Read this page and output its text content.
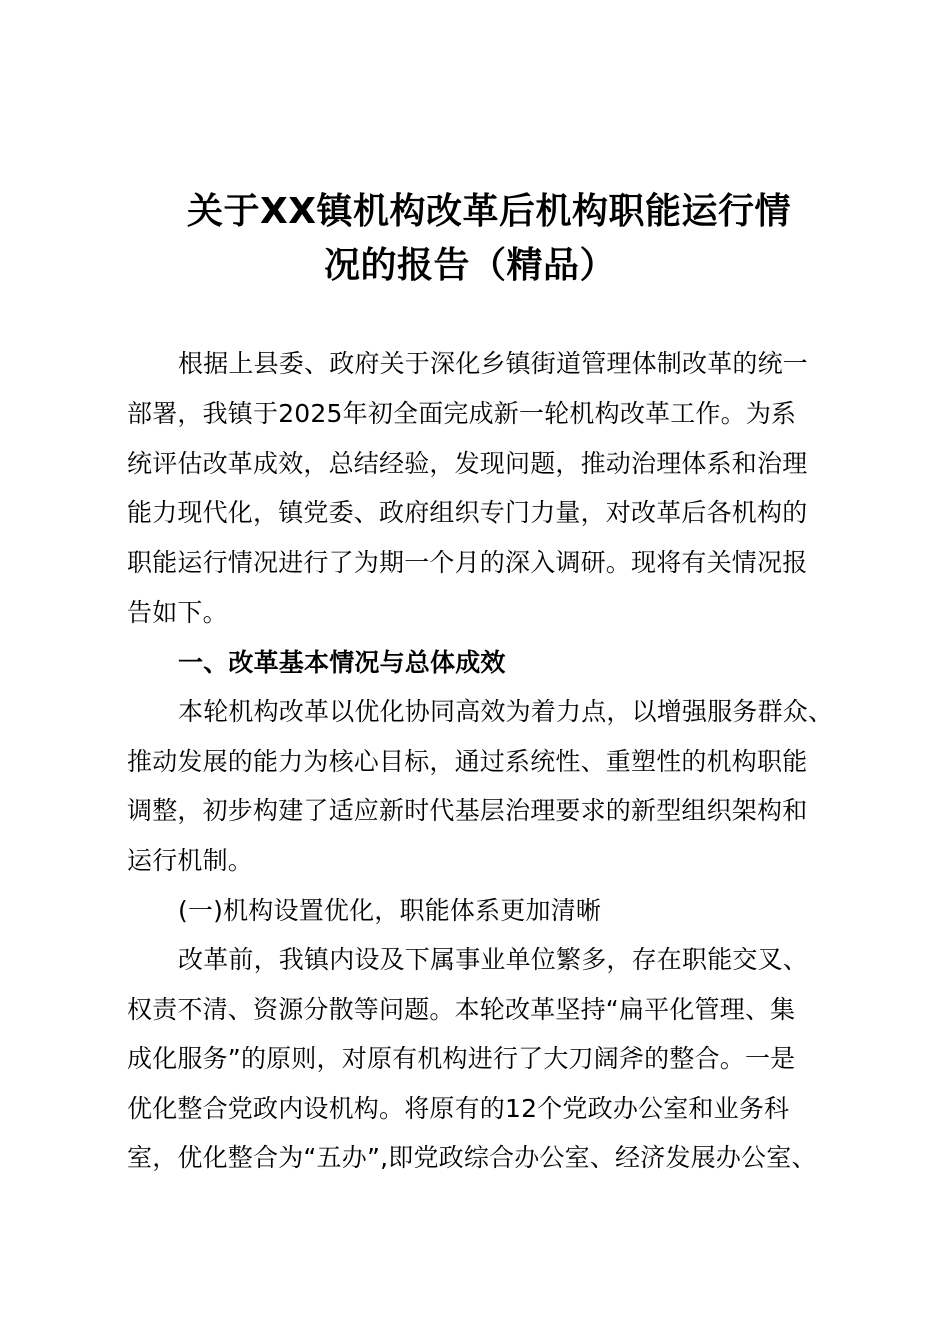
关于XX镇机构改革后机构职能运行情
况的报告（精品）
根据上县委、政府关于深化乡镇街道管理体制改革的统一
部署，我镇于2025年初全面完成新一轮机构改革工作。为系
统评估改革成效，总结经验，发现问题，推动治理体系和治理
能力现代化，镇党委、政府组织专门力量，对改革后各机构的
职能运行情况进行了为期一个月的深入调研。现将有关情况报
告如下。
一、改革基本情况与总体成效
本轮机构改革以优化协同高效为着力点，以增强服务群众、
推动发展的能力为核心目标，通过系统性、重塑性的机构职能
调整，初步构建了适应新时代基层治理要求的新型组织架构和
运行机制。
(一)机构设置优化，职能体系更加清晰
改革前，我镇内设及下属事业单位繁多，存在职能交叉、
权责不清、资源分散等问题。本轮改革坚持“扁平化管理、集
成化服务”的原则，对原有机构进行了大刀阔斧的整合。一是
优化整合党政内设机构。将原有的12个党政办公室和业务科
室，优化整合为“五办”,即党政综合办公室、经济发展办公室、
